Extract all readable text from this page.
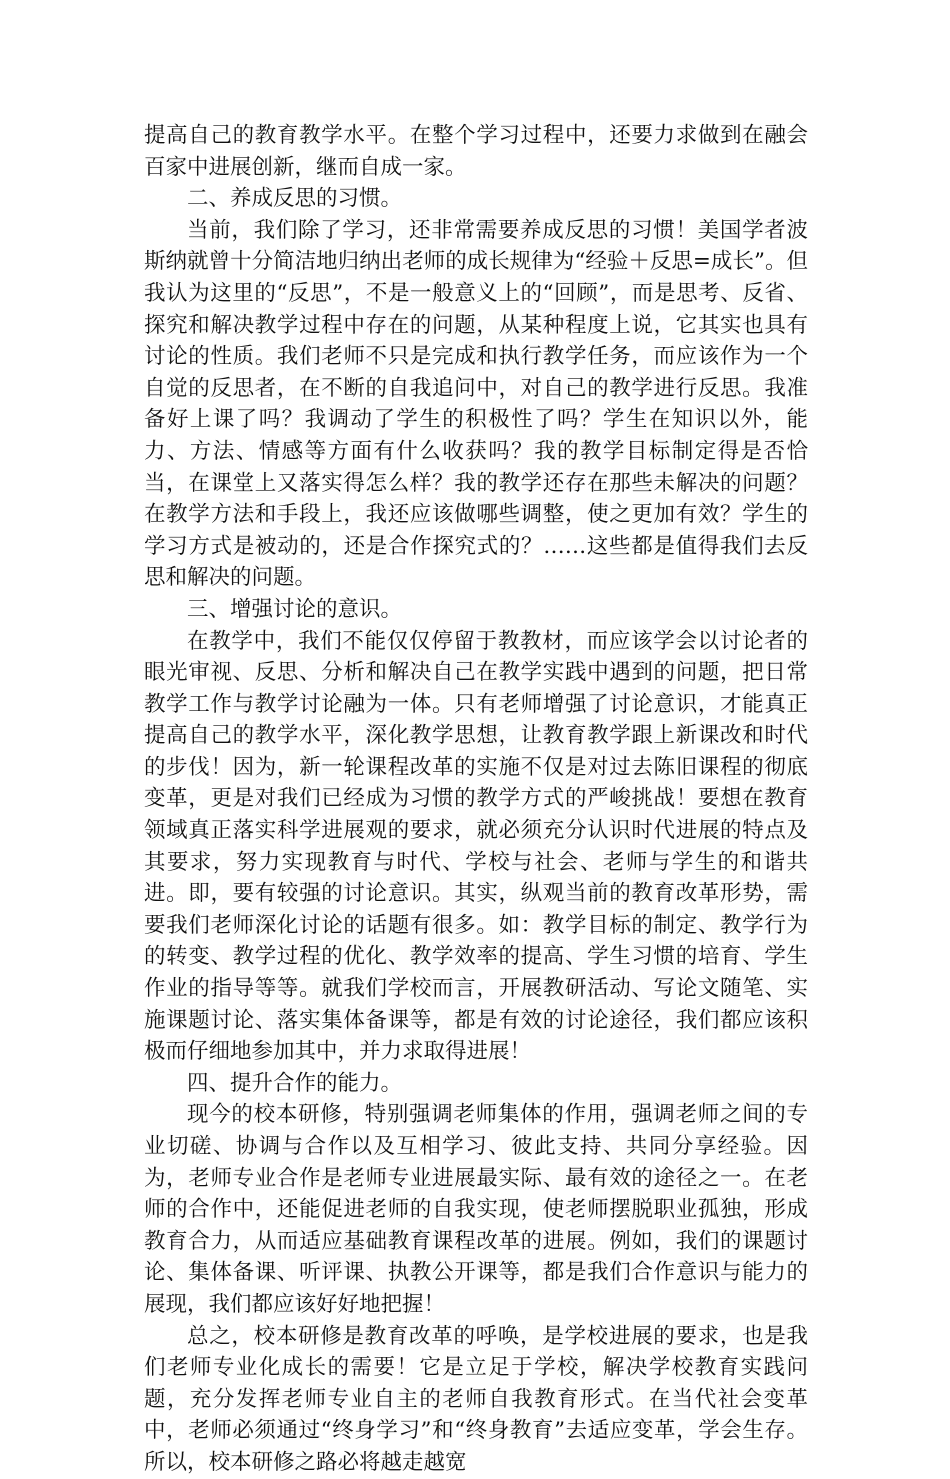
提高自己的教育教学水平。在整个学习过程中，还要力求做到在融会百家中进展创新，继而自成一家。

二、养成反思的习惯。

当前，我们除了学习，还非常需要养成反思的习惯！美国学者波斯纳就曾十分简洁地归纳出老师的成长规律为“经验＋反思=成长”。但我认为这里的“反思”，不是一般意义上的“回顾”，而是思考、反省、探究和解决教学过程中存在的问题，从某种程度上说，它其实也具有讨论的性质。我们老师不只是完成和执行教学任务，而应该作为一个自觉的反思者，在不断的自我追问中，对自己的教学进行反思。我准备好上课了吗？我调动了学生的积极性了吗？学生在知识以外，能力、方法、情感等方面有什么收获吗？我的教学目标制定得是否恰当，在课堂上又落实得怎么样？我的教学还存在那些未解决的问题？在教学方法和手段上，我还应该做哪些调整，使之更加有效？学生的学习方式是被动的，还是合作探究式的？……这些都是值得我们去反思和解决的问题。

三、增强讨论的意识。

在教学中，我们不能仅仅停留于教教材，而应该学会以讨论者的眼光审视、反思、分析和解决自己在教学实践中遇到的问题，把日常教学工作与教学讨论融为一体。只有老师增强了讨论意识，才能真正提高自己的教学水平，深化教学思想，让教育教学跟上新课改和时代的步伐！因为，新一轮课程改革的实施不仅是对过去陈旧课程的彻底变革，更是对我们已经成为习惯的教学方式的严峻挑战！要想在教育领域真正落实科学进展观的要求，就必须充分认识时代进展的特点及其要求，努力实现教育与时代、学校与社会、老师与学生的和谐共进。即，要有较强的讨论意识。其实，纵观当前的教育改革形势，需要我们老师深化讨论的话题有很多。如：教学目标的制定、教学行为的转变、教学过程的优化、教学效率的提高、学生习惯的培育、学生作业的指导等等。就我们学校而言，开展教研活动、写论文随笔、实施课题讨论、落实集体备课等，都是有效的讨论途径，我们都应该积极而仔细地参加其中，并力求取得进展！

四、提升合作的能力。

现今的校本研修，特别强调老师集体的作用，强调老师之间的专业切磋、协调与合作以及互相学习、彼此支持、共同分享经验。因为，老师专业合作是老师专业进展最实际、最有效的途径之一。在老师的合作中，还能促进老师的自我实现，使老师摆脱职业孤独，形成教育合力，从而适应基础教育课程改革的进展。例如，我们的课题讨论、集体备课、听评课、执教公开课等，都是我们合作意识与能力的展现，我们都应该好好地把握！

总之，校本研修是教育改革的呼唤，是学校进展的要求，也是我们老师专业化成长的需要！它是立足于学校，解决学校教育实践问题，充分发挥老师专业自主的老师自我教育形式。在当代社会变革中，老师必须通过“终身学习”和“终身教育”去适应变革，学会生存。所以，校本研修之路必将越走越宽
